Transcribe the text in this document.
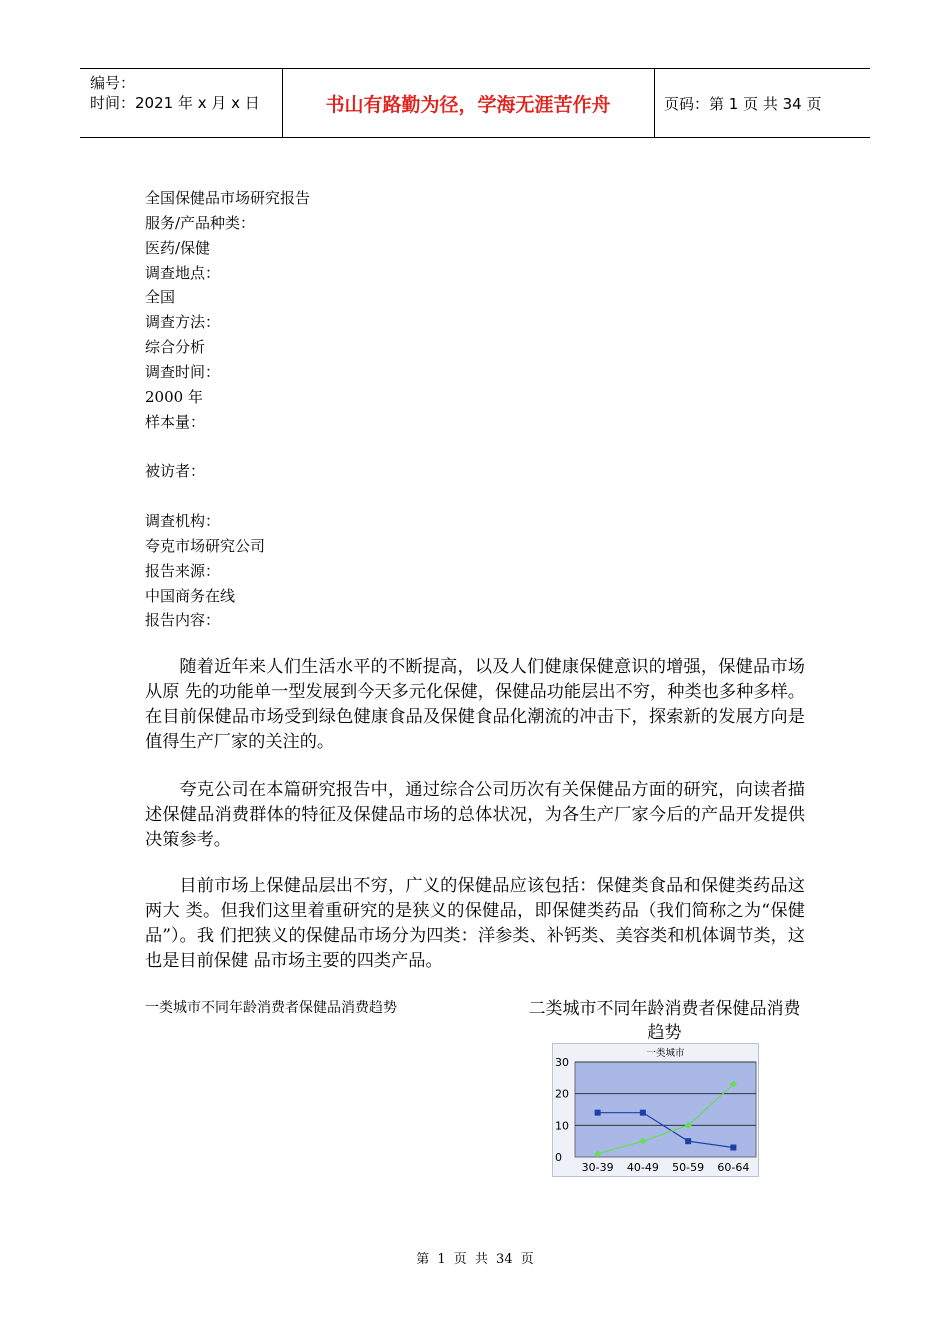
编号：
时间：2021 年 x 月 x 日	书山有路勤为径，学海无涯苦作舟	页码：第 1 页 共 34 页
全国保健品市场研究报告
服务/产品种类：
医药/保健
调查地点：
全国
调查方法：
综合分析
调查时间：
2000 年
样本量：
被访者：
调查机构：
夸克市场研究公司
报告来源：
中国商务在线
报告内容：

随着近年来人们生活水平的不断提高，以及人们健康保健意识的增强，保健品市场从原 先的功能单一型发展到今天多元化保健，保健品功能层出不穷，种类也多种多样。在目前保健品市场受到绿色健康食品及保健食品化潮流的冲击下，探索新的发展方向是值得生产厂家的关注的。

夸克公司在本篇研究报告中，通过综合公司历次有关保健品方面的研究，向读者描述保健品消费群体的特征及保健品市场的总体状况，为各生产厂家今后的产品开发提供决策参考。

目前市场上保健品层出不穷，广义的保健品应该包括：保健类食品和保健类药品这两大 类。但我们这里着重研究的是狭义的保健品，即保健类药品（我们简称之为“保健品”）。我 们把狭义的保健品市场分为四类：洋参类、补钙类、美容类和机体调节类，这也是目前保健 品市场主要的四类产品。

一类城市不同年龄消费者保健品消费趋势	二类城市不同年龄消费者保健品消费趋势
0
10
20
30
一类城市
30-39 40-49 50-59 60-64
第 1 页 共 34 页
